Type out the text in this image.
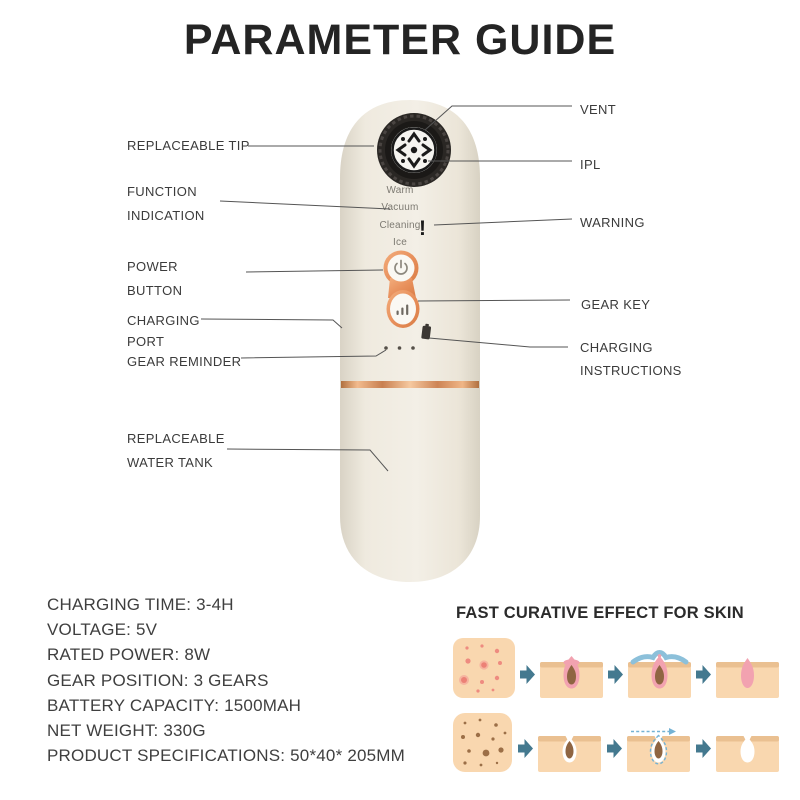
PARAMETER GUIDE
Warm
Vacuum
Cleaning
Ice
!
REPLACEABLE TIP
FUNCTION
INDICATION
POWER
BUTTON
CHARGING
PORT
GEAR REMINDER
REPLACEABLE
WATER TANK
VENT
IPL
WARNING
GEAR KEY
CHARGING
INSTRUCTIONS
CHARGING TIME: 3-4H
VOLTAGE: 5V
RATED POWER: 8W
GEAR POSITION: 3 GEARS
BATTERY CAPACITY: 1500MAH
NET WEIGHT: 330G
PRODUCT SPECIFICATIONS: 50*40* 205MM
FAST CURATIVE EFFECT FOR SKIN
